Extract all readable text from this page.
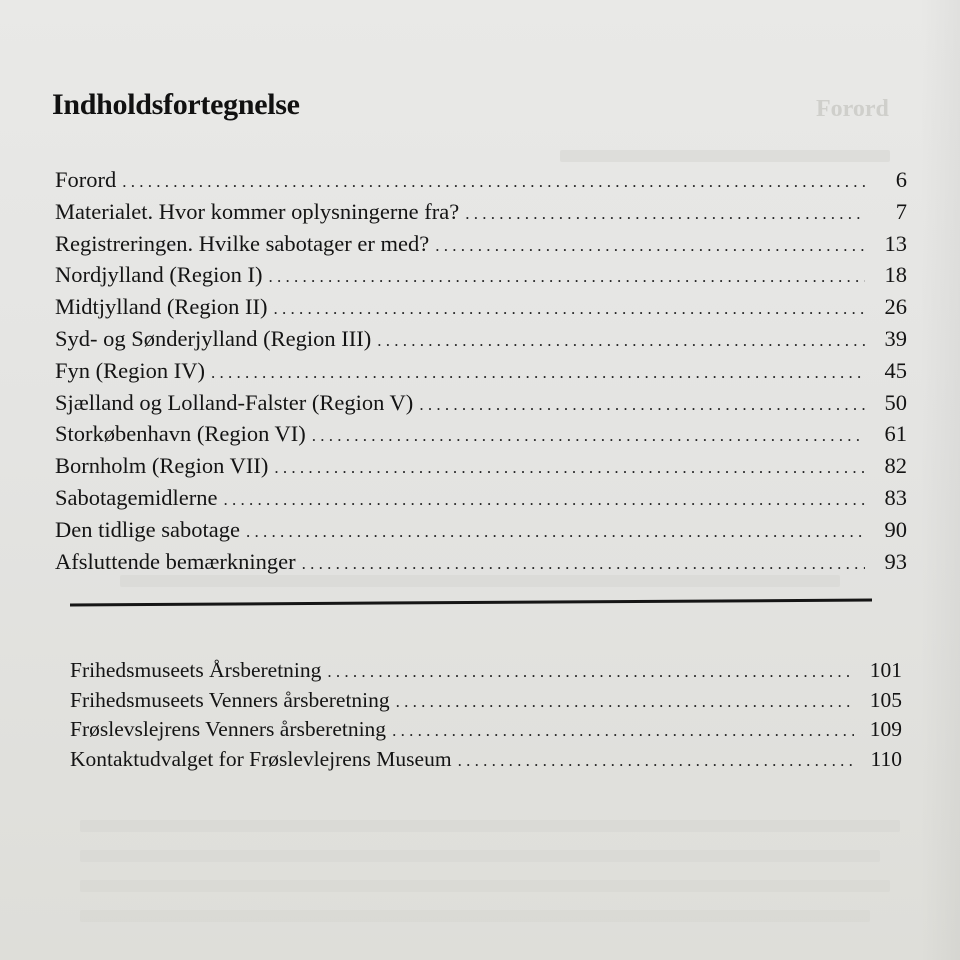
Forord
Indholdsfortegnelse
Forord . . .	6
Materialet. Hvor kommer oplysningerne fra? . . .	7
Registreringen. Hvilke sabotager er med? . . .	13
Nordjylland (Region I) . . .	18
Midtjylland (Region II) . . .	26
Syd- og Sønderjylland (Region III) . . .	39
Fyn (Region IV) . . .	45
Sjælland og Lolland-Falster (Region V) . . .	50
Storkøbenhavn (Region VI) . . .	61
Bornholm (Region VII) . . .	82
Sabotagemidlerne . . .	83
Den tidlige sabotage . . .	90
Afsluttende bemærkninger . . .	93
Frihedsmuseets Årsberetning . . .	101
Frihedsmuseets Venners årsberetning . . .	105
Frøslevslejrens Venners årsberetning . . .	109
Kontaktudvalget for Frøslevlejrens Museum . . .	110
